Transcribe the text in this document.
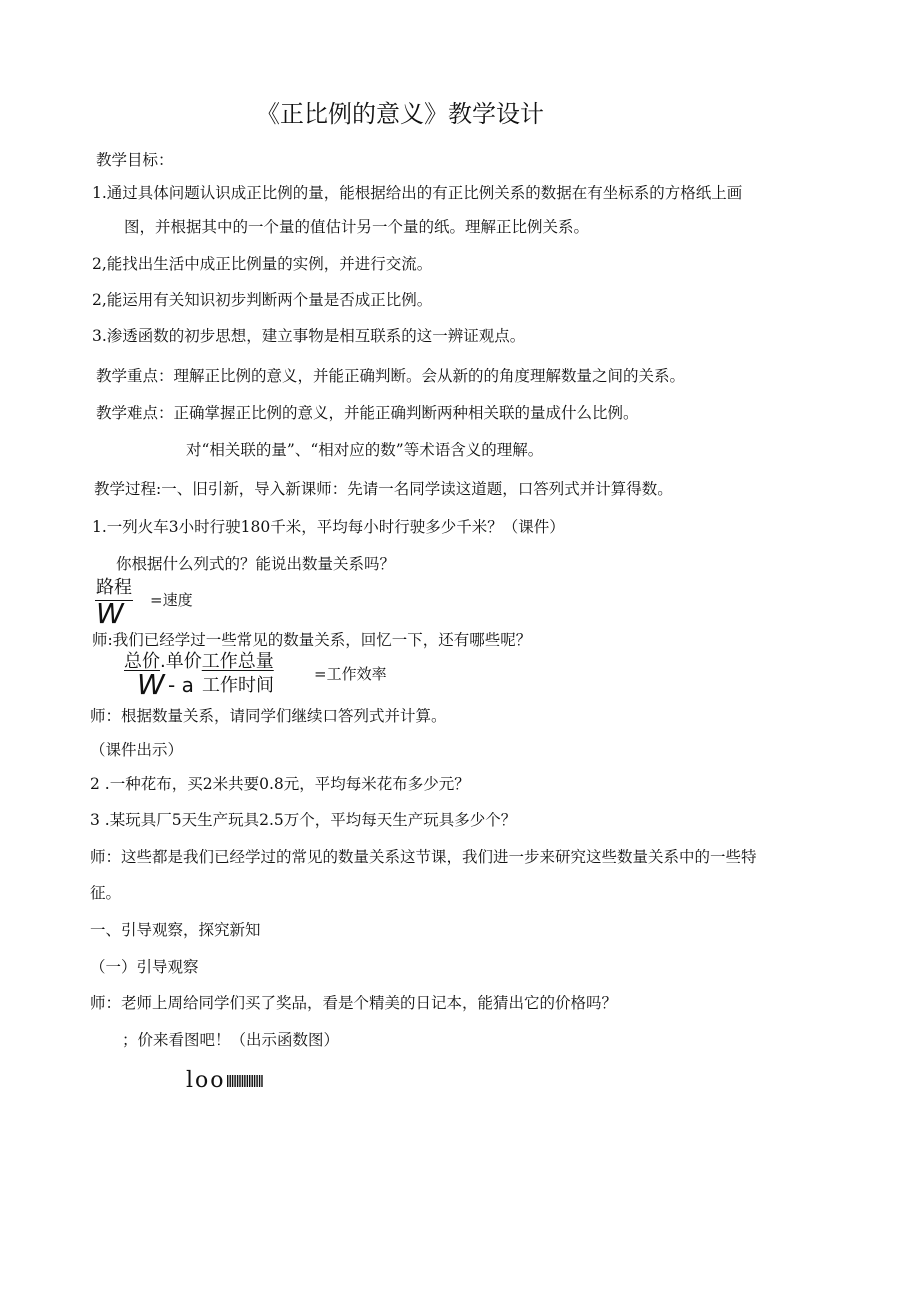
《正比例的意义》教学设计
教学目标：
1.通过具体问题认识成正比例的量，能根据给出的有正比例关系的数据在有坐标系的方格纸上画
图，并根据其中的一个量的值估计另一个量的纸。理解正比例关系。
2,能找出生活中成正比例量的实例，并进行交流。
2,能运用有关知识初步判断两个量是否成正比例。
3.渗透函数的初步思想，建立事物是相互联系的这一辨证观点。
教学重点：理解正比例的意义，并能正确判断。会从新的的角度理解数量之间的关系。
教学难点：正确掌握正比例的意义，并能正确判断两种相关联的量成什么比例。
对“相关联的量”、“相对应的数”等术语含义的理解。
教学过程:一、旧引新，导入新课师：先请一名同学读这道题，口答列式并计算得数。
1.一列火车3小时行驶180千米，平均每小时行驶多少千米？（课件）
你根据什么列式的？能说出数量关系吗？
路程
W =速度
师:我们已经学过一些常见的数量关系，回忆一下，还有哪些呢？
总价.单价工作总量
W - a 工作时间
=工作效率
师：根据数量关系，请同学们继续口答列式并计算。
（课件出示）
2 .一种花布，买2米共要0.8元，平均每米花布多少元？
3 .某玩具厂5天生产玩具2.5万个，平均每天生产玩具多少个？
师：这些都是我们已经学过的常见的数量关系这节课，我们进一步来研究这些数量关系中的一些特
征。
一、引导观察，探究新知
（一）引导观察
师：老师上周给同学们买了奖品，看是个精美的日记本，能猜出它的价格吗？
；价来看图吧！（出示函数图）
loolllllllllllllll
